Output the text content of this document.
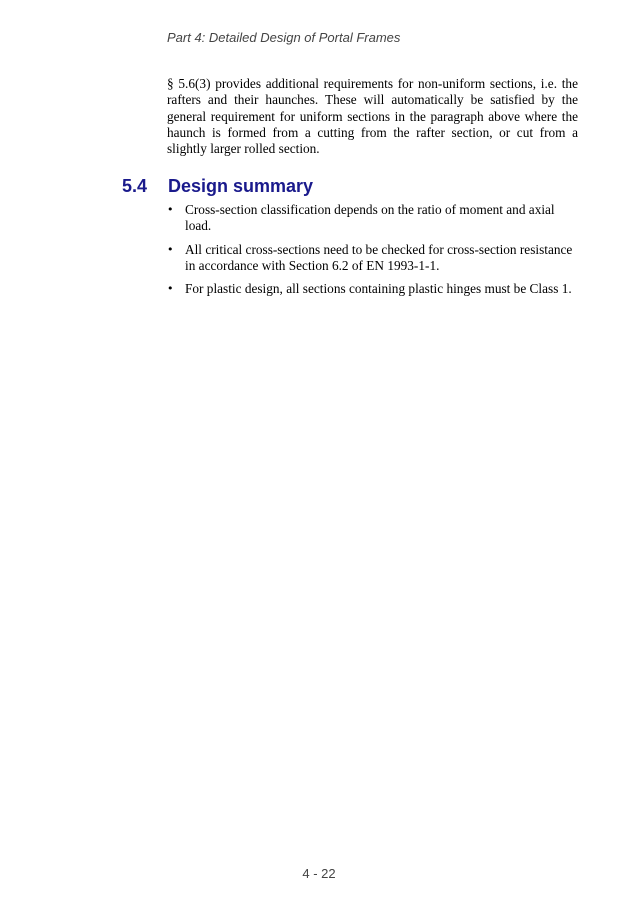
Part 4: Detailed Design of Portal Frames

§ 5.6(3) provides additional requirements for non-uniform sections, i.e. the rafters and their haunches. These will automatically be satisfied by the general requirement for uniform sections in the paragraph above where the haunch is formed from a cutting from the rafter section, or cut from a slightly larger rolled section.

5.4 Design summary
• Cross-section classification depends on the ratio of moment and axial load.
• All critical cross-sections need to be checked for cross-section resistance in accordance with Section 6.2 of EN 1993-1-1.
• For plastic design, all sections containing plastic hinges must be Class 1.
4 - 22
